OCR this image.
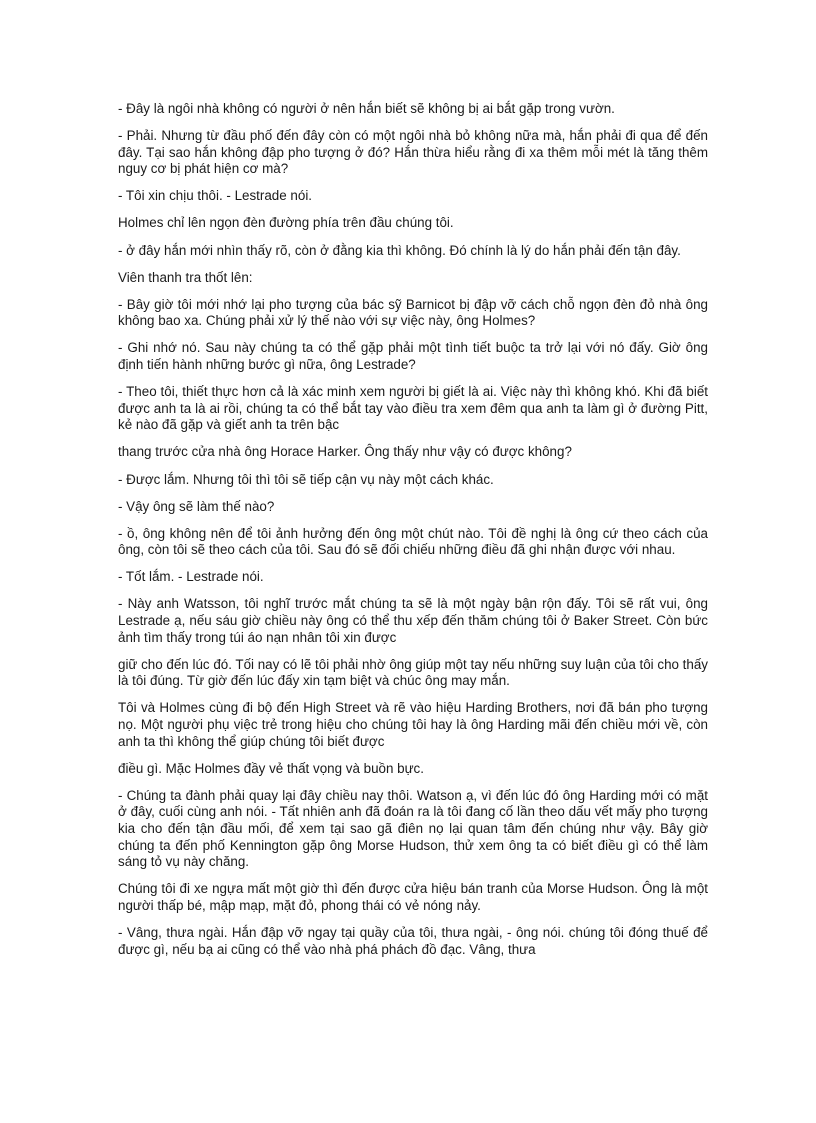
- Đây là ngôi nhà không có người ở nên hắn biết sẽ không bị ai bắt gặp trong vườn.

- Phải. Nhưng từ đầu phố đến đây còn có một ngôi nhà bỏ không nữa mà, hắn phải đi qua để đến đây. Tại sao hắn không đập pho tượng ở đó? Hắn thừa hiểu rằng đi xa thêm mỗi mét là tăng thêm nguy cơ bị phát hiện cơ mà?

- Tôi xin chịu thôi. - Lestrade nói.

Holmes chỉ lên ngọn đèn đường phía trên đầu chúng tôi.

- ở đây hắn mới nhìn thấy rõ, còn ở đằng kia thì không. Đó chính là lý do hắn phải đến tận đây.

Viên thanh tra thốt lên:

- Bây giờ tôi mới nhớ lại pho tượng của bác sỹ Barnicot bị đập vỡ cách chỗ ngọn đèn đỏ nhà ông không bao xa. Chúng phải xử lý thế nào với sự việc này, ông Holmes?

- Ghi nhớ nó. Sau này chúng ta có thể gặp phải một tình tiết buộc ta trở lại với nó đấy. Giờ ông định tiến hành những bước gì nữa, ông Lestrade?

- Theo tôi, thiết thực hơn cả là xác minh xem người bị giết là ai. Việc này thì không khó. Khi đã biết được anh ta là ai rồi, chúng ta có thể bắt tay vào điều tra xem đêm qua anh ta làm gì ở đường Pitt, kẻ nào đã gặp và giết anh ta trên bậc

thang trước cửa nhà ông Horace Harker. Ông thấy như vậy có được không?

- Được lắm. Nhưng tôi thì tôi sẽ tiếp cận vụ này một cách khác.

- Vậy ông sẽ làm thế nào?

- ồ, ông không nên để tôi ảnh hưởng đến ông một chút nào. Tôi đề nghị là ông cứ theo cách của ông, còn tôi sẽ theo cách của tôi. Sau đó sẽ đối chiếu những điều đã ghi nhận được với nhau.

- Tốt lắm. - Lestrade nói.

- Này anh Watsson, tôi nghĩ trước mắt chúng ta sẽ là một ngày bận rộn đấy. Tôi sẽ rất vui, ông Lestrade ạ, nếu sáu giờ chiều này ông có thể thu xếp đến thăm chúng tôi ở Baker Street. Còn bức ảnh tìm thấy trong túi áo nạn nhân tôi xin được

giữ cho đến lúc đó. Tối nay có lẽ tôi phải nhờ ông giúp một tay nếu những suy luận của tôi cho thấy là tôi đúng. Từ giờ đến lúc đấy xin tạm biệt và chúc ông may mắn.

Tôi và Holmes cùng đi bộ đến High Street và rẽ vào hiệu Harding Brothers, nơi đã bán pho tượng nọ. Một người phụ việc trẻ trong hiệu cho chúng tôi hay là ông Harding mãi đến chiều mới về, còn anh ta thì không thể giúp chúng tôi biết được

điều gì. Mặc Holmes đầy vẻ thất vọng và buồn bực.

- Chúng ta đành phải quay lại đây chiều nay thôi. Watson ạ, vì đến lúc đó ông Harding mới có mặt ở đây, cuối cùng anh nói. - Tất nhiên anh đã đoán ra là tôi đang cố lần theo dấu vết mấy pho tượng kia cho đến tận đầu mối, để xem tại sao gã điên nọ lại quan tâm đến chúng như vậy. Bây giờ chúng ta đến phố Kennington gặp ông Morse Hudson, thử xem ông ta có biết điều gì có thể làm sáng tỏ vụ này chăng.

Chúng tôi đi xe ngựa mất một giờ thì đến được cửa hiệu bán tranh của Morse Hudson. Ông là một người thấp bé, mập mạp, mặt đỏ, phong thái có vẻ nóng nảy.

- Vâng, thưa ngài. Hắn đập vỡ ngay tại quầy của tôi, thưa ngài, - ông nói. chúng tôi đóng thuế để được gì, nếu bạ ai cũng có thể vào nhà phá phách đồ đạc. Vâng, thưa
